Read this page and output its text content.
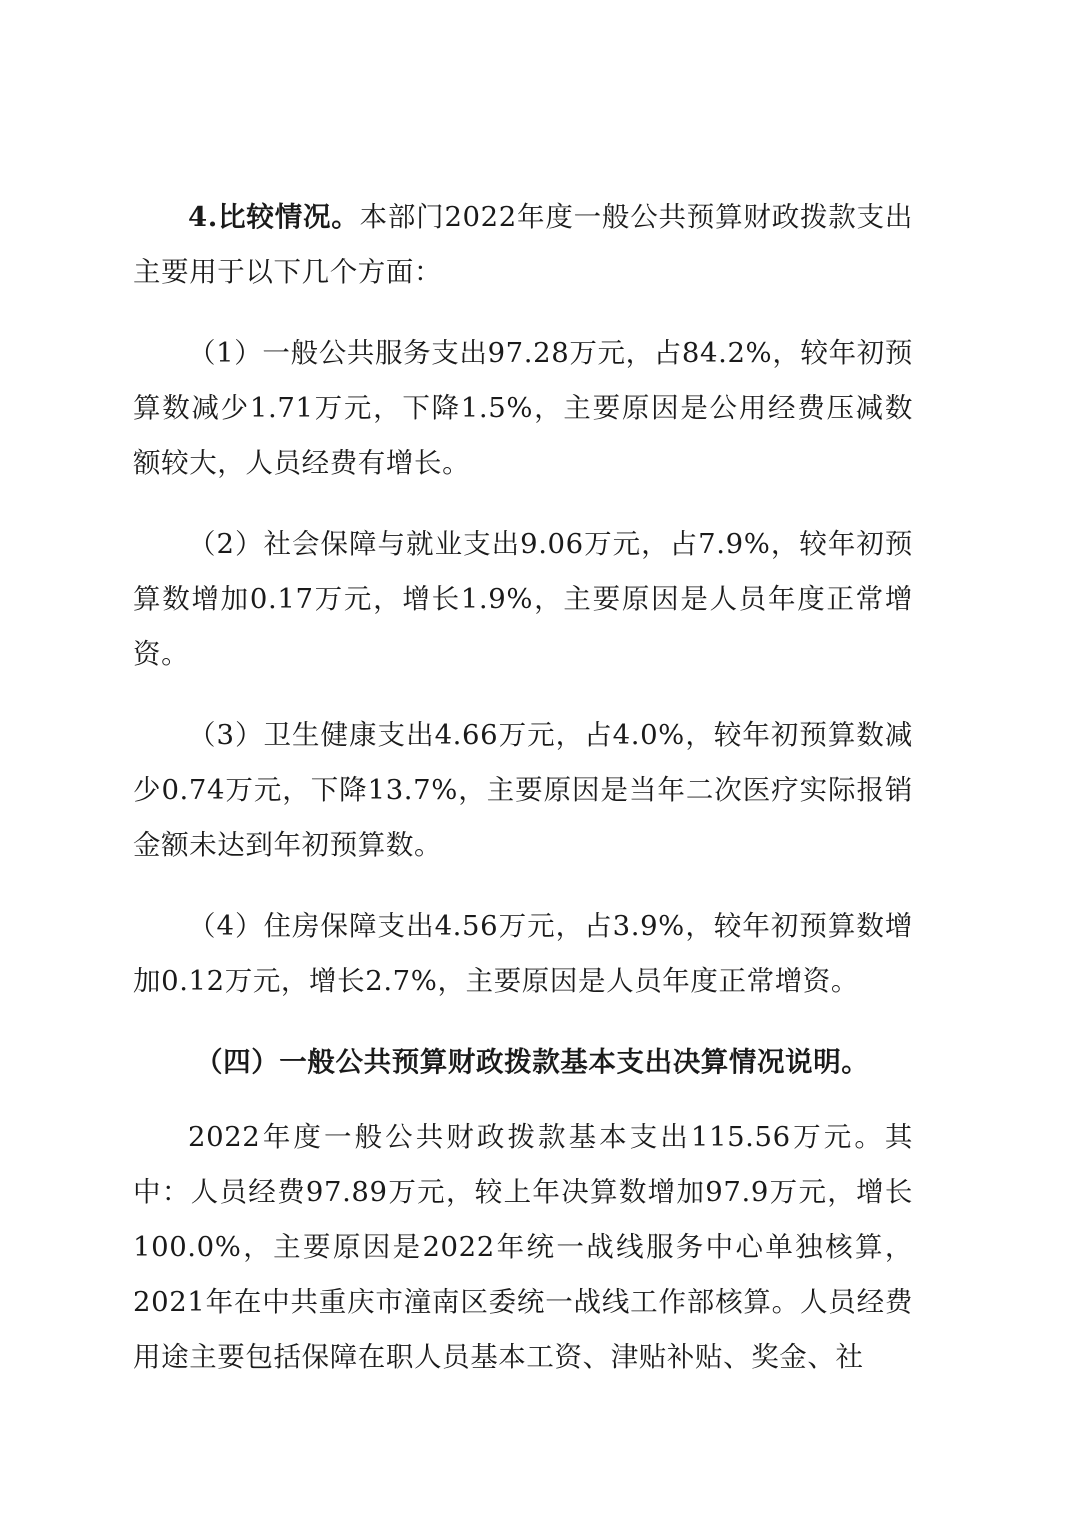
4.比较情况。本部门2022年度一般公共预算财政拨款支出主要用于以下几个方面：

（1）一般公共服务支出97.28万元，占84.2%，较年初预算数减少1.71万元，下降1.5%，主要原因是公用经费压减数额较大，人员经费有增长。

（2）社会保障与就业支出9.06万元，占7.9%，较年初预算数增加0.17万元，增长1.9%，主要原因是人员年度正常增资。

（3）卫生健康支出4.66万元，占4.0%，较年初预算数减少0.74万元，下降13.7%，主要原因是当年二次医疗实际报销金额未达到年初预算数。

（4）住房保障支出4.56万元，占3.9%，较年初预算数增加0.12万元，增长2.7%，主要原因是人员年度正常增资。

（四）一般公共预算财政拨款基本支出决算情况说明。

2022年度一般公共财政拨款基本支出115.56万元。其中：人员经费97.89万元，较上年决算数增加97.9万元，增长100.0%，主要原因是2022年统一战线服务中心单独核算，2021年在中共重庆市潼南区委统一战线工作部核算。人员经费用途主要包括保障在职人员基本工资、津贴补贴、奖金、社
